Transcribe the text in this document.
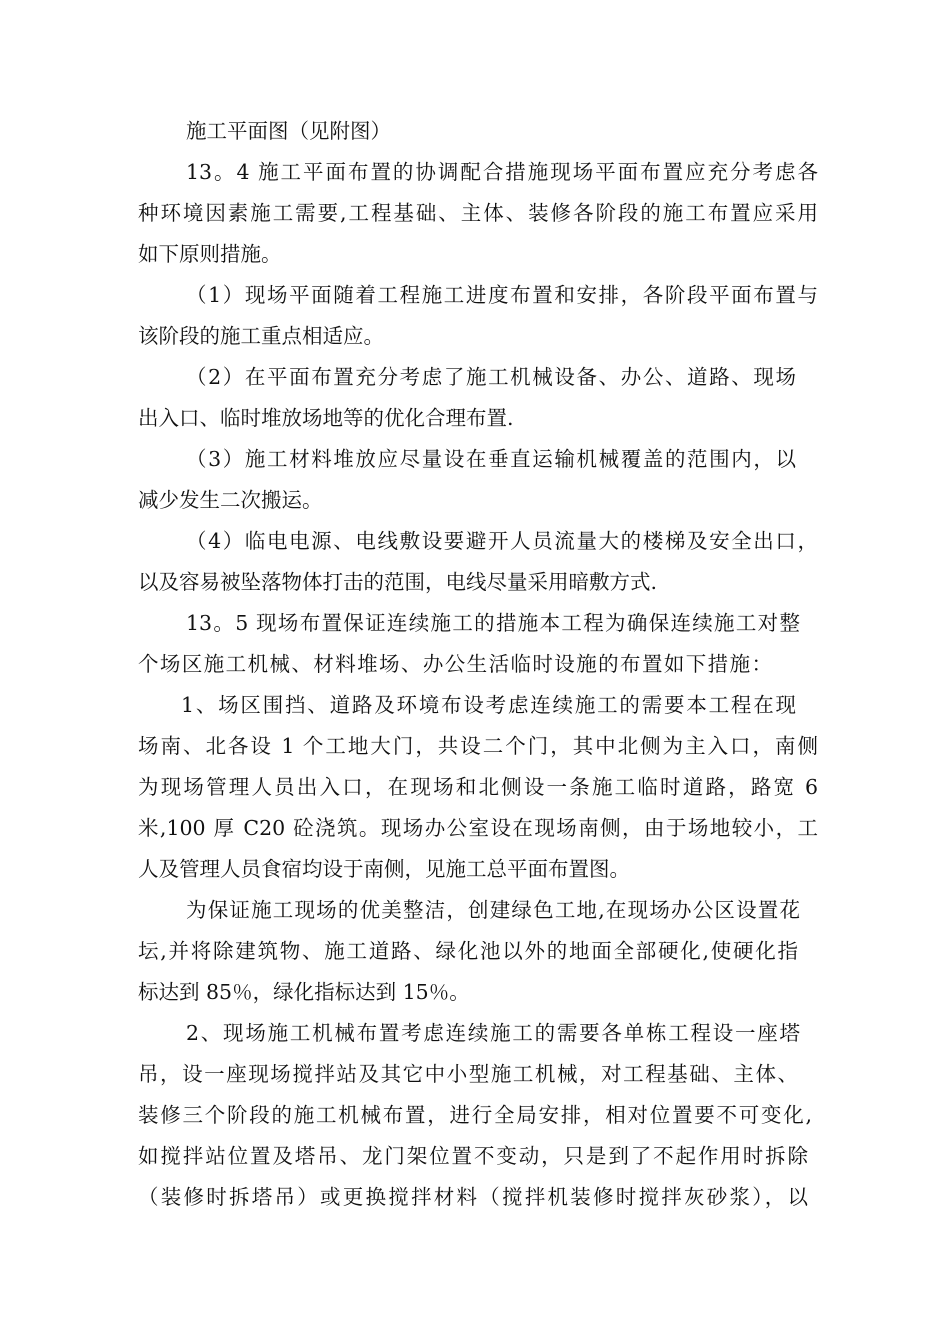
施工平面图（见附图）
13。4 施工平面布置的协调配合措施现场平面布置应充分考虑各
种环境因素施工需要,工程基础、主体、装修各阶段的施工布置应采用
如下原则措施。
（1）现场平面随着工程施工进度布置和安排，各阶段平面布置与
该阶段的施工重点相适应。
（2）在平面布置充分考虑了施工机械设备、办公、道路、现场
出入口、临时堆放场地等的优化合理布置.
（3）施工材料堆放应尽量设在垂直运输机械覆盖的范围内，以
减少发生二次搬运。
（4）临电电源、电线敷设要避开人员流量大的楼梯及安全出口，
以及容易被坠落物体打击的范围，电线尽量采用暗敷方式.
13。5 现场布置保证连续施工的措施本工程为确保连续施工对整
个场区施工机械、材料堆场、办公生活临时设施的布置如下措施：
1、场区围挡、道路及环境布设考虑连续施工的需要本工程在现
场南、北各设 1 个工地大门，共设二个门，其中北侧为主入口，南侧
为现场管理人员出入口，在现场和北侧设一条施工临时道路，路宽 6
米,100 厚 C20 砼浇筑。现场办公室设在现场南侧，由于场地较小，工
人及管理人员食宿均设于南侧，见施工总平面布置图。
为保证施工现场的优美整洁，创建绿色工地,在现场办公区设置花
坛,并将除建筑物、施工道路、绿化池以外的地面全部硬化,使硬化指
标达到 85％，绿化指标达到 15％。
2、现场施工机械布置考虑连续施工的需要各单栋工程设一座塔
吊，设一座现场搅拌站及其它中小型施工机械，对工程基础、主体、
装修三个阶段的施工机械布置，进行全局安排，相对位置要不可变化,
如搅拌站位置及塔吊、龙门架位置不变动，只是到了不起作用时拆除
（装修时拆塔吊）或更换搅拌材料（搅拌机装修时搅拌灰砂浆），以
